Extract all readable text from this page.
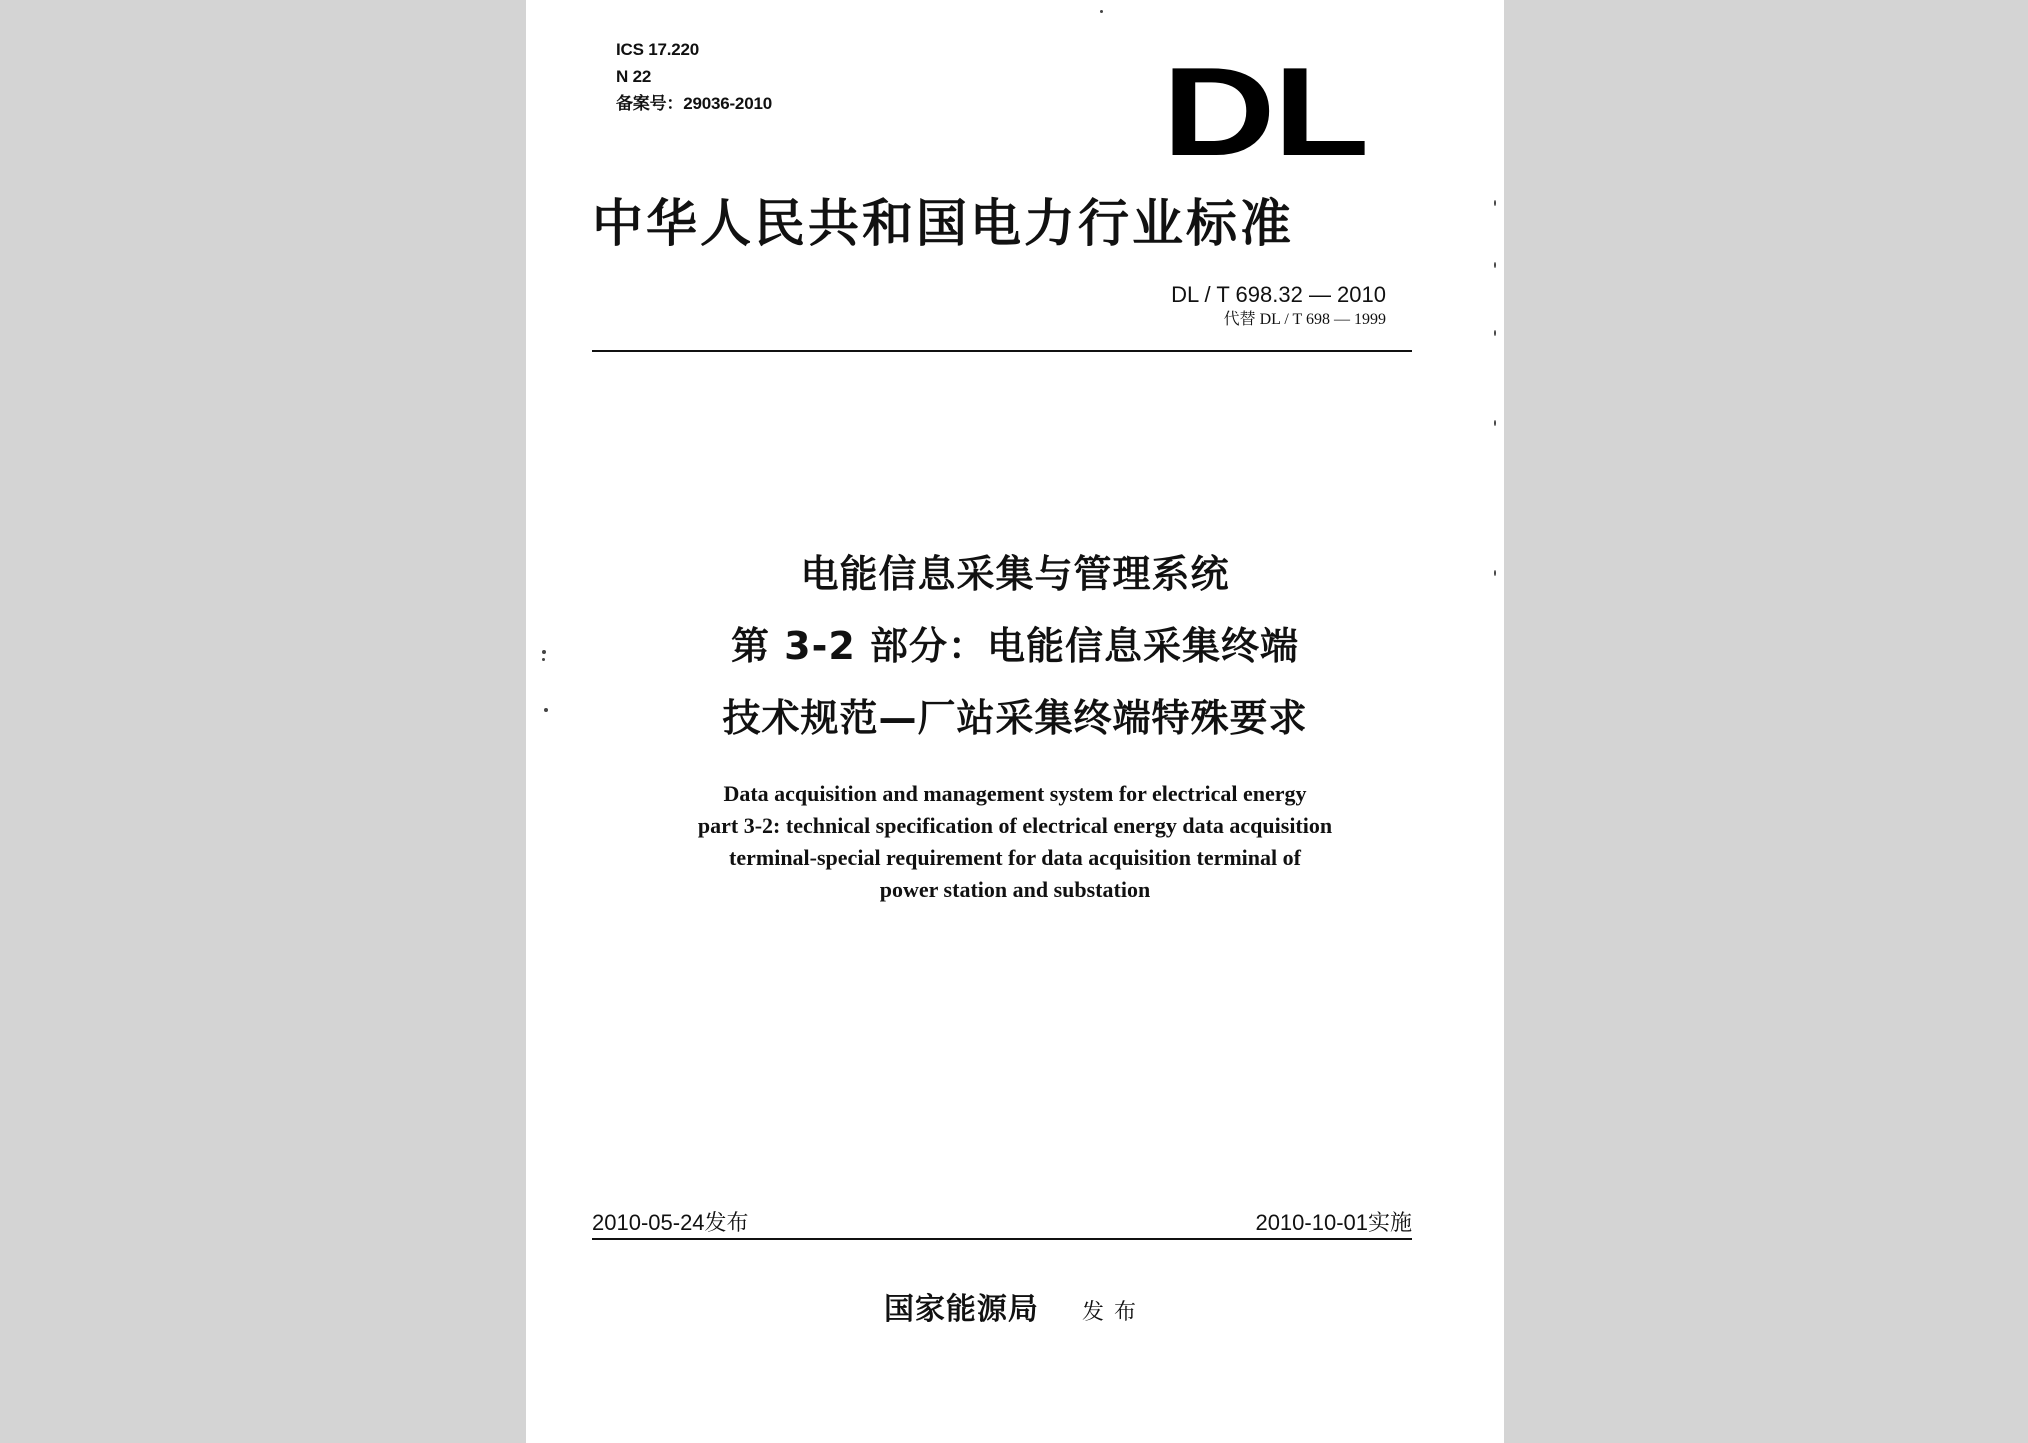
ICS 17.220
N 22
备案号：29036-2010	DL
中华人民共和国电力行业标准
DL / T 698.32 — 2010
代替 DL / T 698 — 1999
电能信息采集与管理系统
第 3-2 部分：电能信息采集终端
技术规范—厂站采集终端特殊要求
Data acquisition and management system for electrical energy
part 3-2: technical specification of electrical energy data acquisition
terminal-special requirement for data acquisition terminal of
power station and substation
2010-05-24发布	2010-10-01实施
国家能源局 发布
